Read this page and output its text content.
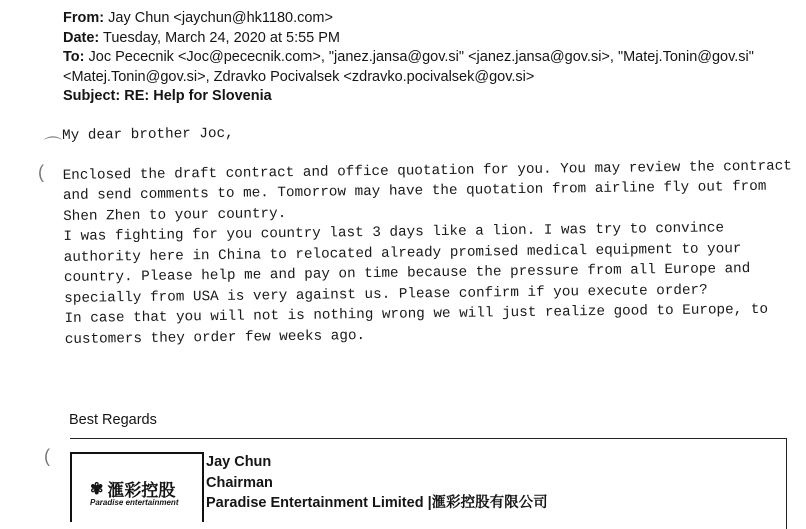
From: Jay Chun <jaychun@hk1180.com>
Date: Tuesday, March 24, 2020 at 5:55 PM
To: Joc Pececnik <Joc@pececnik.com>, "janez.jansa@gov.si" <janez.jansa@gov.si>, "Matej.Tonin@gov.si" <Matej.Tonin@gov.si>, Zdravko Pocivalsek <zdravko.pocivalsek@gov.si>
Subject: RE: Help for Slovenia
⌒
(

My dear brother Joc,

Enclosed the draft contract and office quotation for you. You may review the contract

and send comments to me. Tomorrow may have the quotation from airline fly out from

Shen Zhen to your country.

I was fighting for you country last 3 days like a lion. I was try to convince

authority here in China to relocated already promised medical equipment to your

country. Please help me and pay on time because the pressure from all Europe and

specially from USA is very against us. Please confirm if you execute order?

In case that you will not is nothing wrong we will just realize good to Europe, to

customers they order few weeks ago.

Best Regards
(
✾ 滙彩控股
Paradise entertainment
Jay Chun
Chairman
Paradise Entertainment Limited |滙彩控股有限公司
